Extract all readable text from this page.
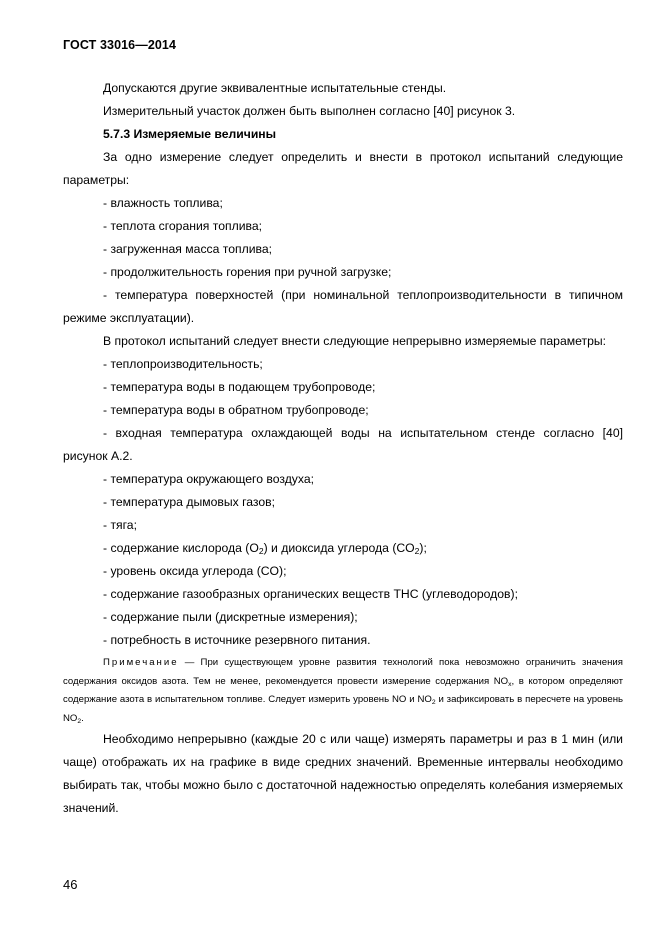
ГОСТ 33016—2014

Допускаются другие эквивалентные испытательные стенды.

Измерительный участок должен быть выполнен согласно [40] рисунок 3.

5.7.3 Измеряемые величины

За одно измерение следует определить и внести в протокол испытаний следующие параметры:

- влажность топлива;

- теплота сгорания топлива;

- загруженная масса топлива;

- продолжительность горения при ручной загрузке;

- температура поверхностей (при номинальной теплопроизводительности в типичном режиме эксплуатации).

В протокол испытаний следует внести следующие непрерывно измеряемые параметры:

- теплопроизводительность;

- температура воды в подающем трубопроводе;

- температура воды в обратном трубопроводе;

- входная температура охлаждающей воды на испытательном стенде согласно [40] рисунок А.2.

- температура окружающего воздуха;

- температура дымовых газов;

- тяга;

- содержание кислорода $(O_2)$ и диоксида углерода $(CO_2)$;

- уровень оксида углерода (CO);

- содержание газообразных органических веществ THC (углеводородов);

- содержание пыли (дискретные измерения);

- потребность в источнике резервного питания.

Примечание — При существующем уровне развития технологий пока невозможно ограничить значения содержания оксидов азота. Тем не менее, рекомендуется провести измерение содержания $NO_x$, в котором определяют содержание азота в испытательном топливе. Следует измерить уровень NO и $NO_2$ и зафиксировать в пересчете на уровень $NO_2$.

Необходимо непрерывно (каждые 20 с или чаще) измерять параметры и раз в 1 мин (или чаще) отображать их на графике в виде средних значений. Временные интервалы необходимо выбирать так, чтобы можно было с достаточной надежностью определять колебания измеряемых значений.

46
